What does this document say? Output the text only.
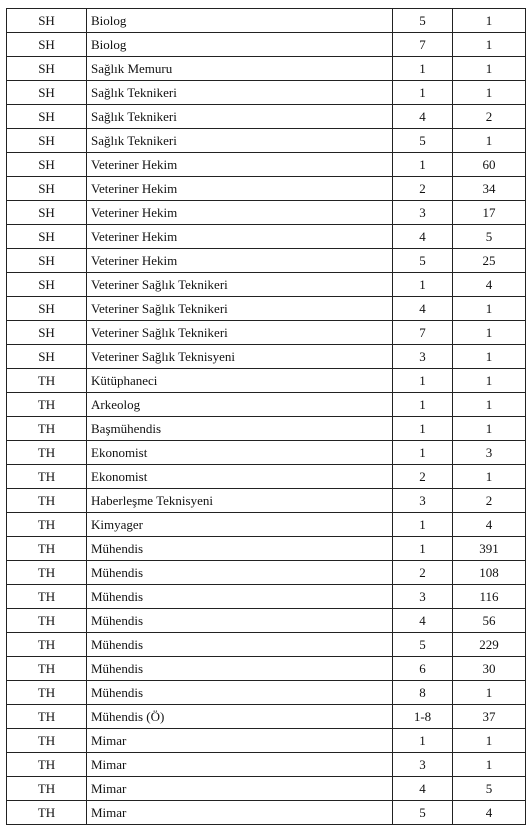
SH	Biolog	5	1
SH	Biolog	7	1
SH	Sağlık Memuru	1	1
SH	Sağlık Teknikeri	1	1
SH	Sağlık Teknikeri	4	2
SH	Sağlık Teknikeri	5	1
SH	Veteriner Hekim	1	60
SH	Veteriner Hekim	2	34
SH	Veteriner Hekim	3	17
SH	Veteriner Hekim	4	5
SH	Veteriner Hekim	5	25
SH	Veteriner Sağlık Teknikeri	1	4
SH	Veteriner Sağlık Teknikeri	4	1
SH	Veteriner Sağlık Teknikeri	7	1
SH	Veteriner Sağlık Teknisyeni	3	1
TH	Kütüphaneci	1	1
TH	Arkeolog	1	1
TH	Başmühendis	1	1
TH	Ekonomist	1	3
TH	Ekonomist	2	1
TH	Haberleşme Teknisyeni	3	2
TH	Kimyager	1	4
TH	Mühendis	1	391
TH	Mühendis	2	108
TH	Mühendis	3	116
TH	Mühendis	4	56
TH	Mühendis	5	229
TH	Mühendis	6	30
TH	Mühendis	8	1
TH	Mühendis (Ö)	1-8	37
TH	Mimar	1	1
TH	Mimar	3	1
TH	Mimar	4	5
TH	Mimar	5	4
